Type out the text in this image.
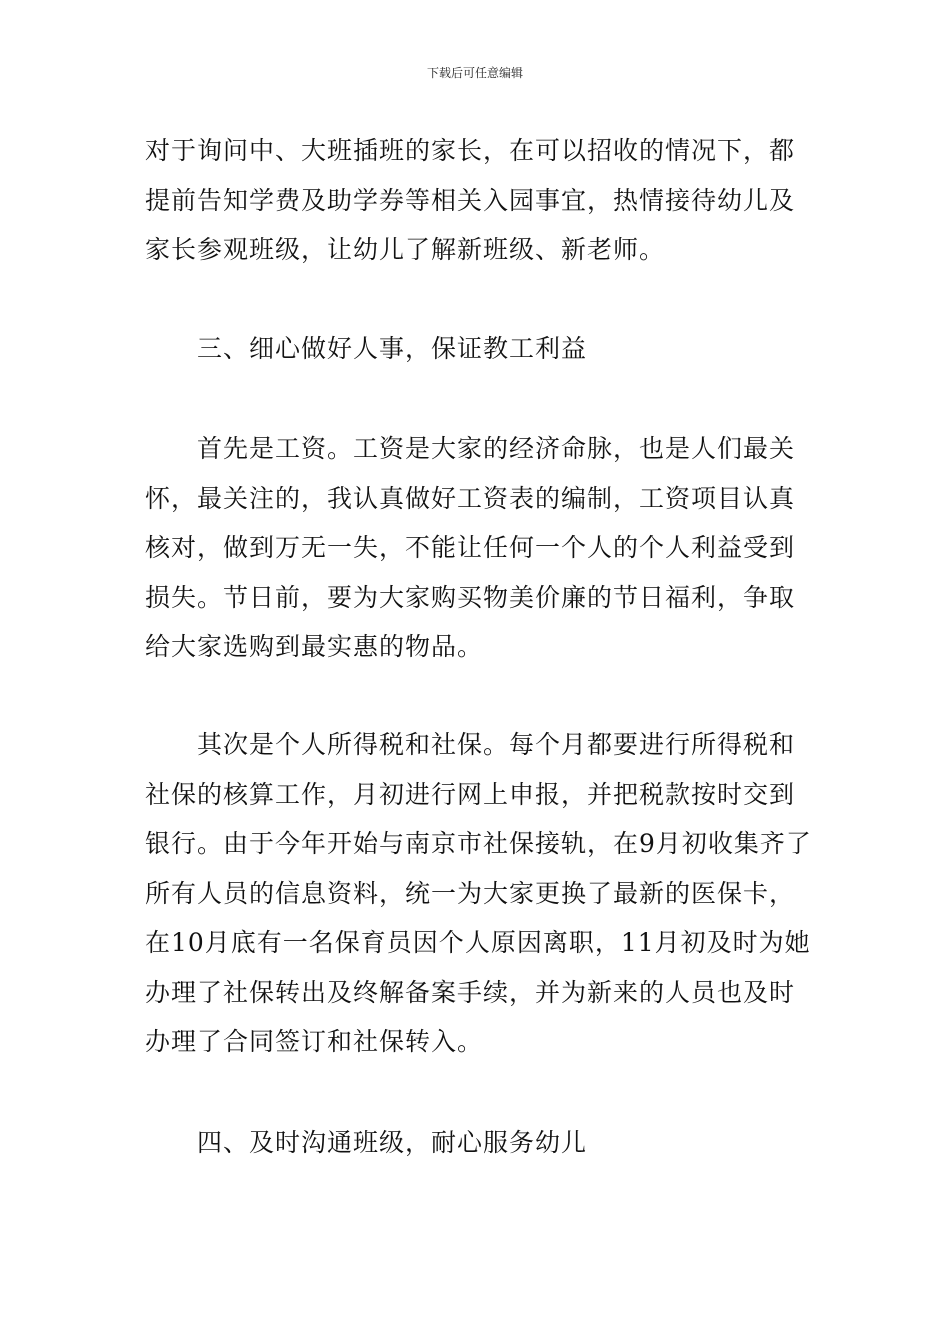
下载后可任意编辑
对于询问中、大班插班的家长，在可以招收的情况下，都
提前告知学费及助学券等相关入园事宜，热情接待幼儿及
家长参观班级，让幼儿了解新班级、新老师。
三、细心做好人事，保证教工利益
首先是工资。工资是大家的经济命脉，也是人们最关
怀，最关注的，我认真做好工资表的编制，工资项目认真
核对，做到万无一失，不能让任何一个人的个人利益受到
损失。节日前，要为大家购买物美价廉的节日福利，争取
给大家选购到最实惠的物品。
其次是个人所得税和社保。每个月都要进行所得税和
社保的核算工作，月初进行网上申报，并把税款按时交到
银行。由于今年开始与南京市社保接轨，在9月初收集齐了
所有人员的信息资料，统一为大家更换了最新的医保卡，
在10月底有一名保育员因个人原因离职，11月初及时为她
办理了社保转出及终解备案手续，并为新来的人员也及时
办理了合同签订和社保转入。
四、及时沟通班级，耐心服务幼儿
